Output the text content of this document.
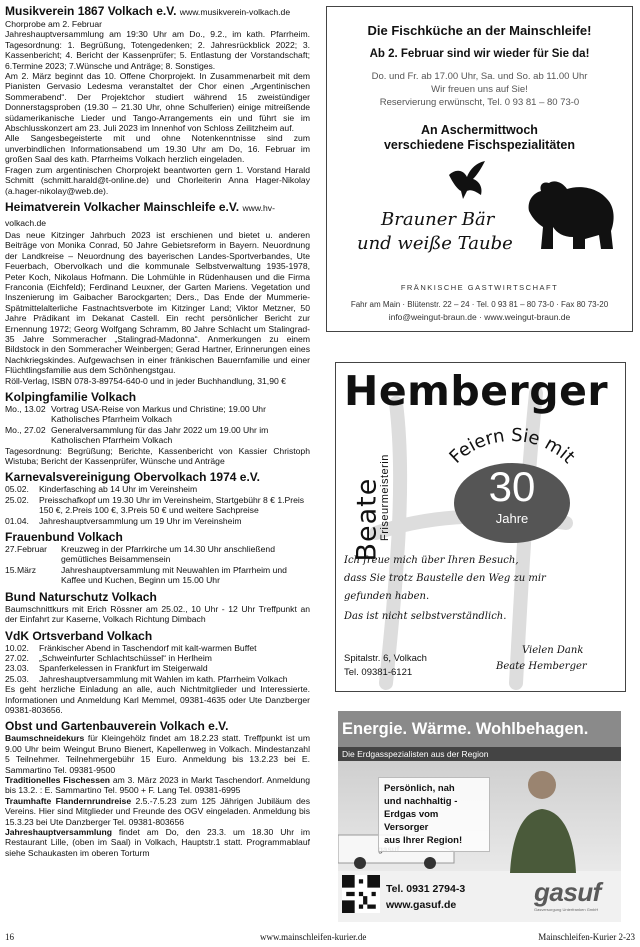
Musikverein 1867 Volkach e.V. www.musikverein-volkach.de

Chorprobe am 2. Februar

Jahreshauptversammlung am 19:30 Uhr am Do., 9.2., im kath. Pfarrheim. Tagesordnung: 1. Begrüßung, Totengedenken; 2. Jahresrückblick 2022; 3. Kassenbericht; 4. Bericht der Kassenprüfer; 5. Entlastung der Vorstandschaft; 6.Termine 2023; 7.Wünsche und Anträge; 8. Sonstiges.

Am 2. März beginnt das 10. Offene Chorprojekt. In Zusammenarbeit mit dem Pianisten Gervasio Ledesma veranstaltet der Chor einen „Argentinischen Sommerabend“. Der Projektchor studiert während 15 zweistündiger Donnerstagsproben (19.30 – 21.30 Uhr, ohne Schulferien) einige mitreißende südamerikanische Lieder und Tango-Arrangements ein und führt sie im Abschlusskonzert am 23. Juli 2023 im Innenhof von Schloss Zeilitzheim auf.

Alle Sangesbegeisterte mit und ohne Notenkenntnisse sind zum unverbindlichen Informationsabend um 19.30 Uhr am Do, 16. Februar im großen Saal des kath. Pfarrheims Volkach herzlich eingeladen.

Fragen zum argentinischen Chorprojekt beantworten gern 1. Vorstand Harald Schmitt (schmitt.harald@t-online.de) und Chorleiterin Anna Hager-Nikolay (a.hager-nikolay@web.de).

Heimatverein Volkacher Mainschleife e.V. www.hv-volkach.de

Das neue Kitzinger Jahrbuch 2023 ist erschienen und bietet u. anderen Beiträge von Monika Conrad, 50 Jahre Gebietsreform in Bayern. Neuordnung der Landkreise – Neuordnung des bayerischen Landes-Sportverbandes, Ute Feuerbach, Obervolkach und die kommunale Selbstverwaltung 1935-1978, Peter Koch, Nikolaus Hofmann. Die Lohmühle in Rüdenhausen und die Firma Franconia (Eichfeld); Ferdinand Leuxner, der Garten Mariens. Vegetation und Inszenierung im Gaibacher Barockgarten; Ders., Das Ende der Mummerie- Spätmittelalterliche Fastnachtsverbote im Kitzinger Land; Viktor Metzner, 50 Jahre Prädikant im Dekanat Castell. Ein recht persönlicher Bericht zur Ernennung 1972; Georg Wolfgang Schramm, 80 Jahre Schlacht um Stalingrad- 35 Jahre Sommeracher „Stalingrad-Madonna“. Anmerkungen zu einem Bildstock in den Sommeracher Weinbergen; Gerad Hartner, Erinnerungen eines Nachkriegskindes. Aufgewachsen in einer fränkischen Bauernfamilie und einer Flüchtlingsfamilie aus dem Schönhengstgau.

Röll-Verlag, ISBN 078-3-89754-640-0 und in jeder Buchhandlung, 31,90 €

Kolpingfamilie Volkach
Mo., 13.02 Vortrag USA-Reise von Markus und Christine; 19.00 Uhr Katholisches Pfarrheim Volkach
Mo., 27.02 Generalversammlung für das Jahr 2022 um 19.00 Uhr im Katholischen Pfarrheim Volkach

Tagesordnung: Begrüßung; Berichte, Kassenbericht von Kassier Christoph Wistuba; Bericht der Kassenprüfer, Wünsche und Anträge

Karnevalsvereinigung Obervolkach 1974 e.V.
05.02.	Kinderfasching ab 14 Uhr im Vereinsheim
25.02.	Preisschafkopf um 19.30 Uhr im Vereinsheim, Startgebühr 8 € 1.Preis 150 €, 2.Preis 100 €, 3.Preis 50 € und weitere Sachpreise
01.04.	Jahreshauptversammlung um 19 Uhr im Vereinsheim
Frauenbund Volkach
27.Februar	Kreuzweg in der Pfarrkirche um 14.30 Uhr anschließend gemütliches Beisammensein
15.März	Jahreshauptversammlung mit Neuwahlen im Pfarrheim und Kaffee und Kuchen, Beginn um 15.00 Uhr
Bund Naturschutz Volkach

Baumschnittkurs mit Erich Rössner am 25.02., 10 Uhr - 12 Uhr Treffpunkt an der Einfahrt zur Kaserne, Volkach Richtung Dimbach

VdK Ortsverband Volkach
10.02.	Fränkischer Abend in Taschendorf mit kalt-warmen Buffet
27.02.	„Schweinfurter Schlachtschüssel“ in Herlheim
23.03.	Spanferkelessen in Frankfurt im Steigerwald
25.03.	Jahreshauptversammlung mit Wahlen im kath. Pfarrheim Volkach

Es geht herzliche Einladung an alle, auch Nichtmitglieder und Interessierte. Informationen und Anmeldung Karl Memmel, 09381-4635 oder Ute Danzberger 09381-803656.

Obst und Gartenbauverein Volkach e.V.

Baumschneidekurs für Kleingehölz findet am 18.2.23 statt. Treffpunkt ist um 9.00 Uhr beim Weingut Bruno Bienert, Kapellenweg in Volkach. Mindestanzahl 5 Teilnehmer. Teilnehmergebühr 15 Euro. Anmeldung bis 13.2.23 bei E. Sammartino Tel. 09381-9500

Traditionelles Fischessen am 3. März 2023 in Markt Taschendorf. Anmeldung bis 13.2. : E. Sammartino Tel. 9500 + F. Lang Tel. 09381-6995

Traumhafte Flandernrundreise 2.5.-7.5.23 zum 125 Jährigen Jubiläum des Vereins. Hier sind Mitglieder und Freunde des OGV eingeladen. Anmeldung bis 15.3.23 bei Ute Danzberger Tel. 09381-803656

Jahreshauptversammlung findet am Do, den 23.3. um 18.30 Uhr im Restaurant Lille, (oben im Saal) in Volkach, Hauptstr.1 statt. Programmablauf siehe Schaukasten im oberen Torturm

Die Fischküche an der Mainschleife!
Ab 2. Februar sind wir wieder für Sie da!
Do. und Fr. ab 17.00 Uhr, Sa. und So. ab 11.00 Uhr
Wir freuen uns auf Sie!
Reservierung erwünscht, Tel. 0 93 81 – 80 73-0
An Aschermittwoch
verschiedene Fischspezialitäten
Brauner Bär
und weiße Taube
FRÄNKISCHE GASTWIRTSCHAFT
Fahr am Main · Blütenstr. 22 – 24 · Tel. 0 93 81 – 80 73-0 · Fax 80 73-20
info@weingut-braun.de · www.weingut-braun.de
Hemberger
Beate
Friseurmeisterin	Feiern Sie mit
30
Jahre
Ich freue mich über Ihren Besuch,
dass Sie trotz Baustelle den Weg zu mir
gefunden haben.
Das ist nicht selbstverständlich.
Vielen Dank
Beate Hemberger
Spitalstr. 6, Volkach
Tel. 09381-6121
Energie. Wärme. Wohlbehagen.
Die Erdgasspezialisten aus der Region
Persönlich, nah
und nachhaltig -
Erdgas vom Versorger
aus Ihrer Region!
Tel. 0931 2794-3
www.gasuf.de	gasuf
Gasversorgung Unterfranken GmbH
16	www.mainschleifen-kurier.de	Mainschleifen-Kurier 2-23
